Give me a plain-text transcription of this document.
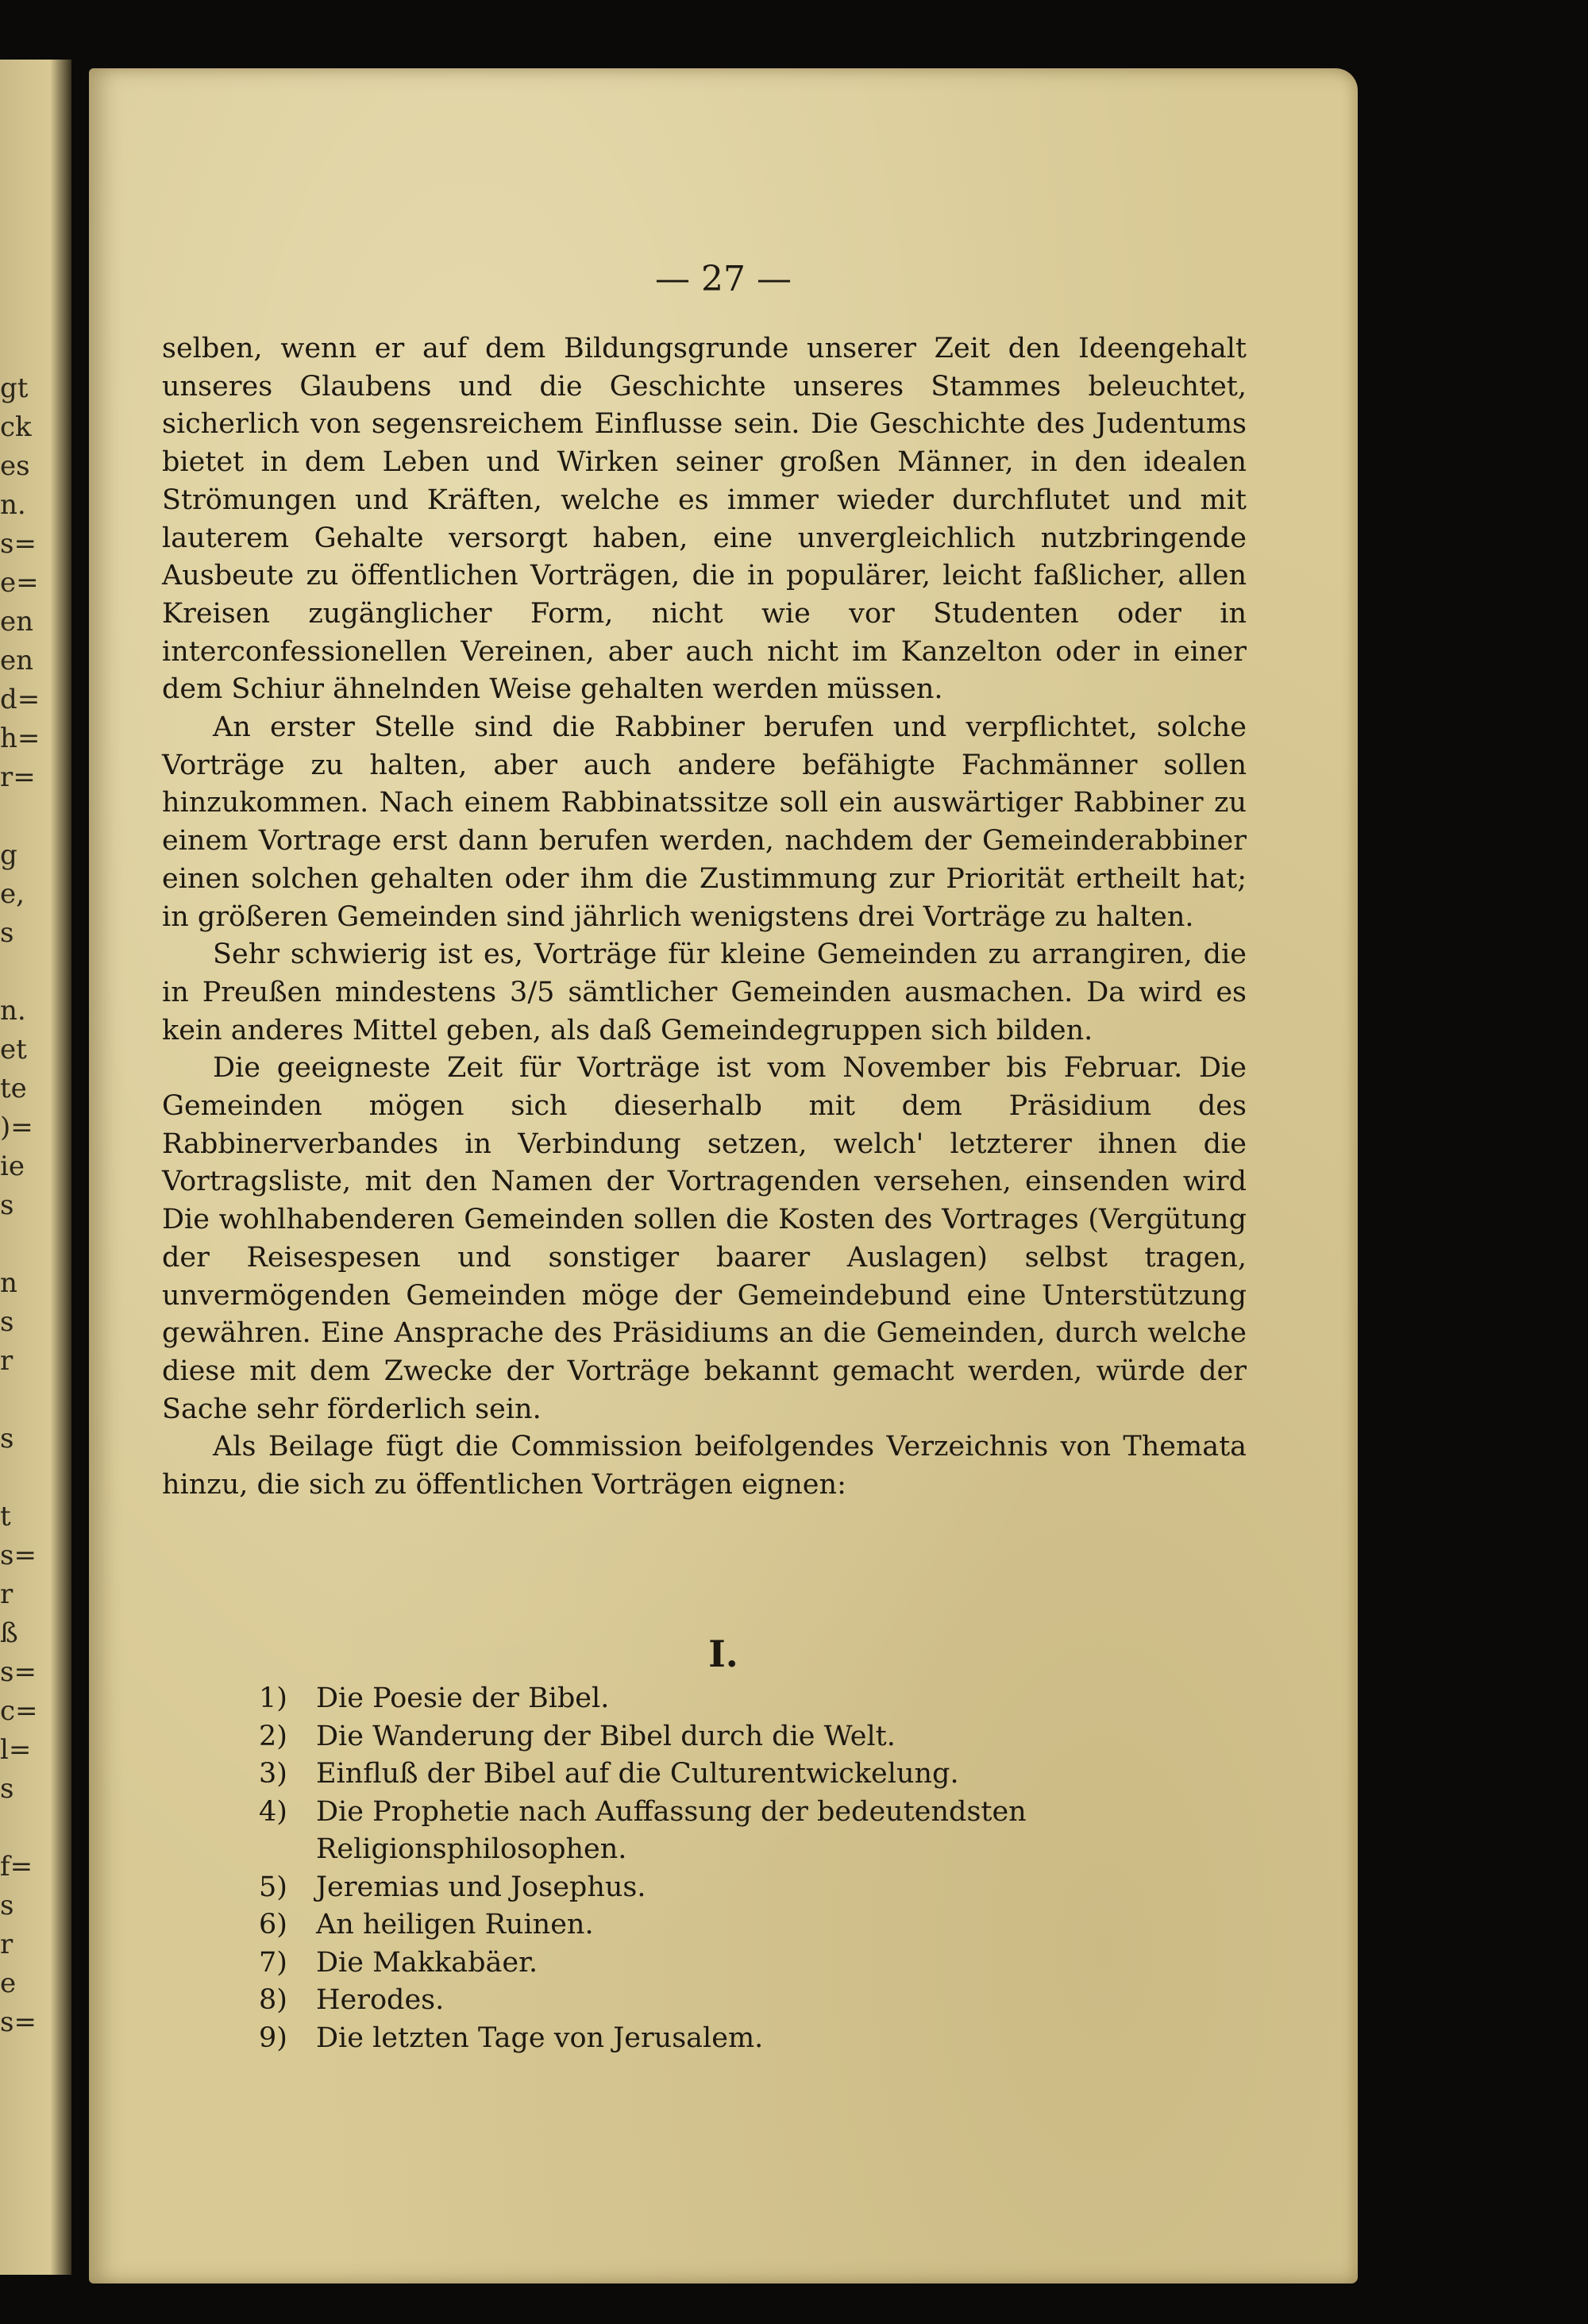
gt
ck
es
n.
s=
e=
en
en
d=
h=
r=

g
e,
s

n.
et
te
)=
ie
s

n
s
r

s

t
s=
r
ß
s=
c=
l=
s

f=
s
r
e
s=
— 27 —

selben, wenn er auf dem Bildungsgrunde unserer Zeit den Ideengehalt unseres Glaubens und die Geschichte unseres Stammes beleuchtet, sicherlich von segensreichem Einflusse sein. Die Geschichte des Judentums bietet in dem Leben und Wirken seiner großen Männer, in den idealen Strömungen und Kräften, welche es immer wieder durchflutet und mit lauterem Gehalte versorgt haben, eine unvergleichlich nutzbringende Ausbeute zu öffentlichen Vorträgen, die in populärer, leicht faßlicher, allen Kreisen zugänglicher Form, nicht wie vor Studenten oder in interconfessionellen Vereinen, aber auch nicht im Kanzelton oder in einer dem Schiur ähnelnden Weise gehalten werden müssen.

An erster Stelle sind die Rabbiner berufen und verpflichtet, solche Vorträge zu halten, aber auch andere befähigte Fachmänner sollen hinzukommen. Nach einem Rabbinatssitze soll ein auswärtiger Rabbiner zu einem Vortrage erst dann berufen werden, nachdem der Gemeinderabbiner einen solchen gehalten oder ihm die Zustimmung zur Priorität ertheilt hat; in größeren Gemeinden sind jährlich wenigstens drei Vorträge zu halten.

Sehr schwierig ist es, Vorträge für kleine Gemeinden zu arrangiren, die in Preußen mindestens 3/5 sämtlicher Gemeinden ausmachen. Da wird es kein anderes Mittel geben, als daß Gemeindegruppen sich bilden.

Die geeigneste Zeit für Vorträge ist vom November bis Februar. Die Gemeinden mögen sich dieserhalb mit dem Präsidium des Rabbinerverbandes in Verbindung setzen, welch' letzterer ihnen die Vortragsliste, mit den Namen der Vortragenden versehen, einsenden wird Die wohlhabenderen Gemeinden sollen die Kosten des Vortrages (Vergütung der Reisespesen und sonstiger baarer Auslagen) selbst tragen, unvermögenden Gemeinden möge der Gemeindebund eine Unterstützung gewähren. Eine Ansprache des Präsidiums an die Gemeinden, durch welche diese mit dem Zwecke der Vorträge bekannt gemacht werden, würde der Sache sehr förderlich sein.

Als Beilage fügt die Commission beifolgendes Verzeichnis von Themata hinzu, die sich zu öffentlichen Vorträgen eignen:

I.
1) Die Poesie der Bibel.
2) Die Wanderung der Bibel durch die Welt.
3) Einfluß der Bibel auf die Culturentwickelung.
4) Die Prophetie nach Auffassung der bedeutendsten Religionsphilosophen.
5) Jeremias und Josephus.
6) An heiligen Ruinen.
7) Die Makkabäer.
8) Herodes.
9) Die letzten Tage von Jerusalem.
